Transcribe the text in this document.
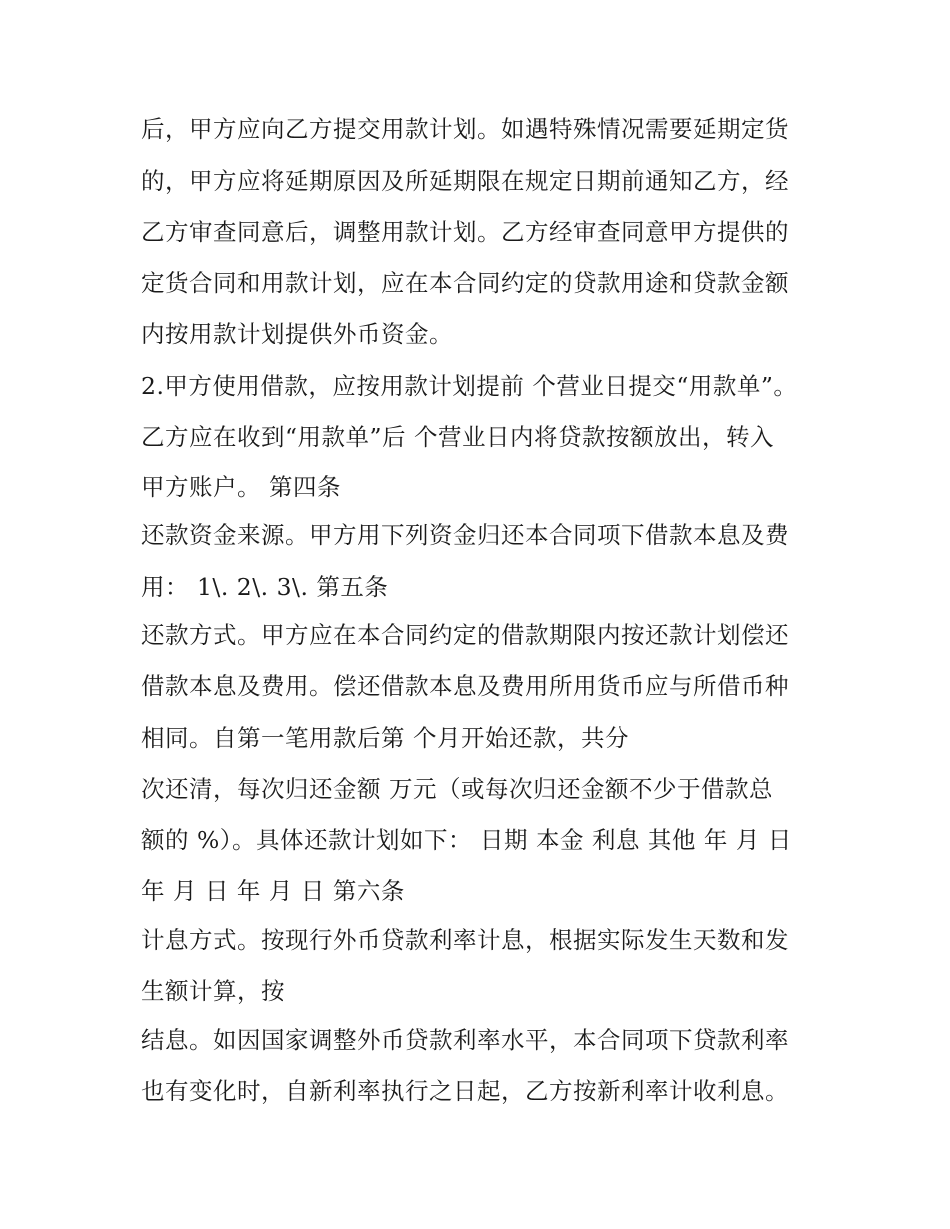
后，甲方应向乙方提交用款计划。如遇特殊情况需要延期定货
的，甲方应将延期原因及所延期限在规定日期前通知乙方，经
乙方审查同意后，调整用款计划。乙方经审查同意甲方提供的
定货合同和用款计划，应在本合同约定的贷款用途和贷款金额
内按用款计划提供外币资金。
2.甲方使用借款，应按用款计划提前 个营业日提交“用款单”。
乙方应在收到“用款单”后 个营业日内将贷款按额放出，转入
甲方账户。 第四条
还款资金来源。甲方用下列资金归还本合同项下借款本息及费
用： 1\. 2\. 3\. 第五条
还款方式。甲方应在本合同约定的借款期限内按还款计划偿还
借款本息及费用。偿还借款本息及费用所用货币应与所借币种
相同。自第一笔用款后第 个月开始还款，共分
次还清，每次归还金额 万元（或每次归还金额不少于借款总
额的 %）。具体还款计划如下： 日期 本金 利息 其他 年 月 日
年 月 日 年 月 日 第六条
计息方式。按现行外币贷款利率计息，根据实际发生天数和发
生额计算，按
结息。如因国家调整外币贷款利率水平，本合同项下贷款利率
也有变化时，自新利率执行之日起，乙方按新利率计收利息。
